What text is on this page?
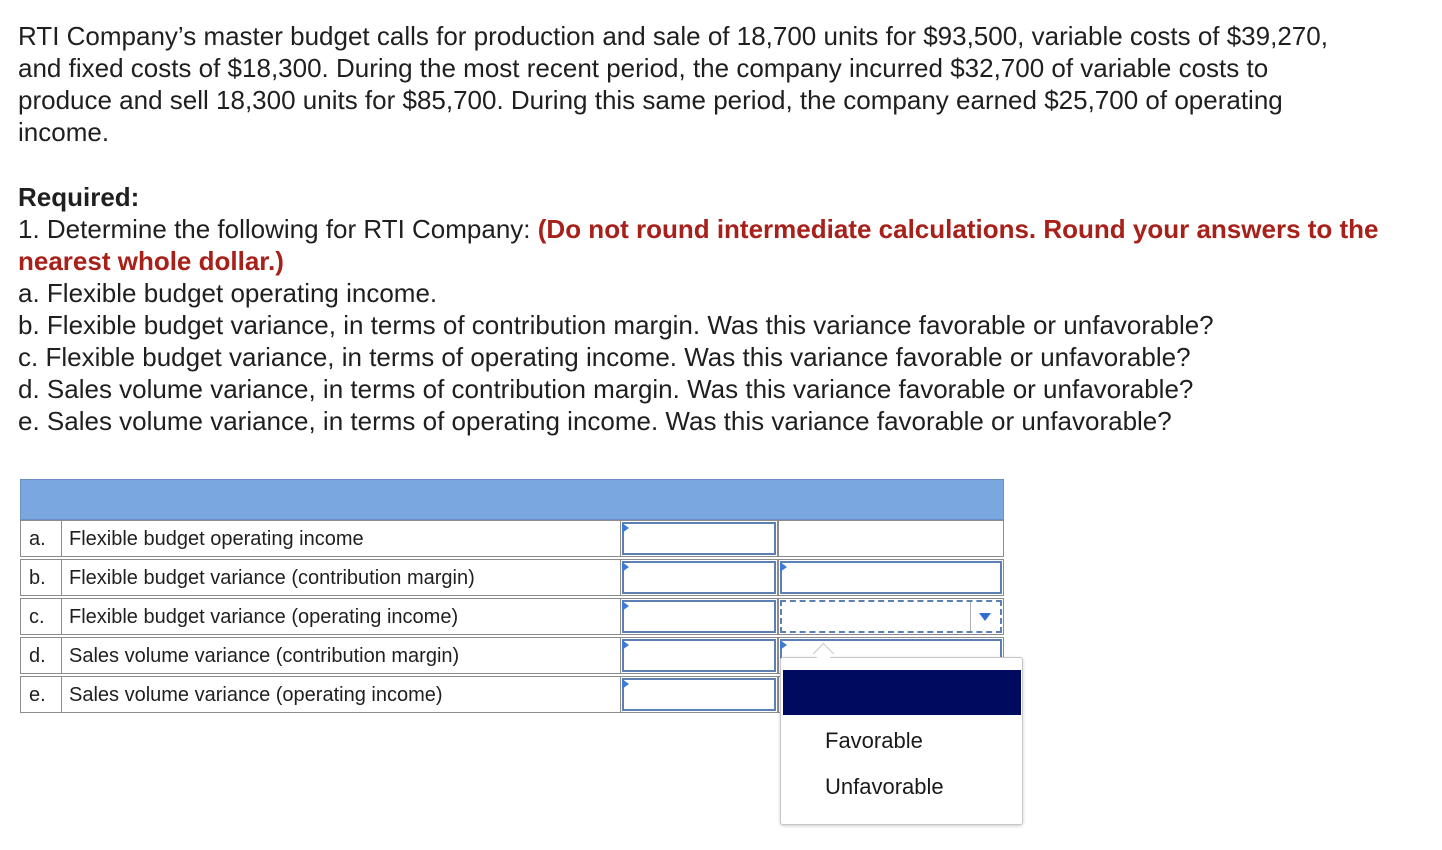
RTI Company’s master budget calls for production and sale of 18,700 units for $93,500, variable costs of $39,270,

and fixed costs of $18,300. During the most recent period, the company incurred $32,700 of variable costs to

produce and sell 18,300 units for $85,700. During this same period, the company earned $25,700 of operating

income.

Required:
1. Determine the following for RTI Company: (Do not round intermediate calculations. Round your answers to the
nearest whole dollar.)
a. Flexible budget operating income.
b. Flexible budget variance, in terms of contribution margin. Was this variance favorable or unfavorable?
c. Flexible budget variance, in terms of operating income. Was this variance favorable or unfavorable?
d. Sales volume variance, in terms of contribution margin. Was this variance favorable or unfavorable?
e. Sales volume variance, in terms of operating income. Was this variance favorable or unfavorable?
a.	Flexible budget operating income
b.	Flexible budget variance (contribution margin)
c.	Flexible budget variance (operating income)
d.	Sales volume variance (contribution margin)
e.	Sales volume variance (operating income)
Favorable
Unfavorable
